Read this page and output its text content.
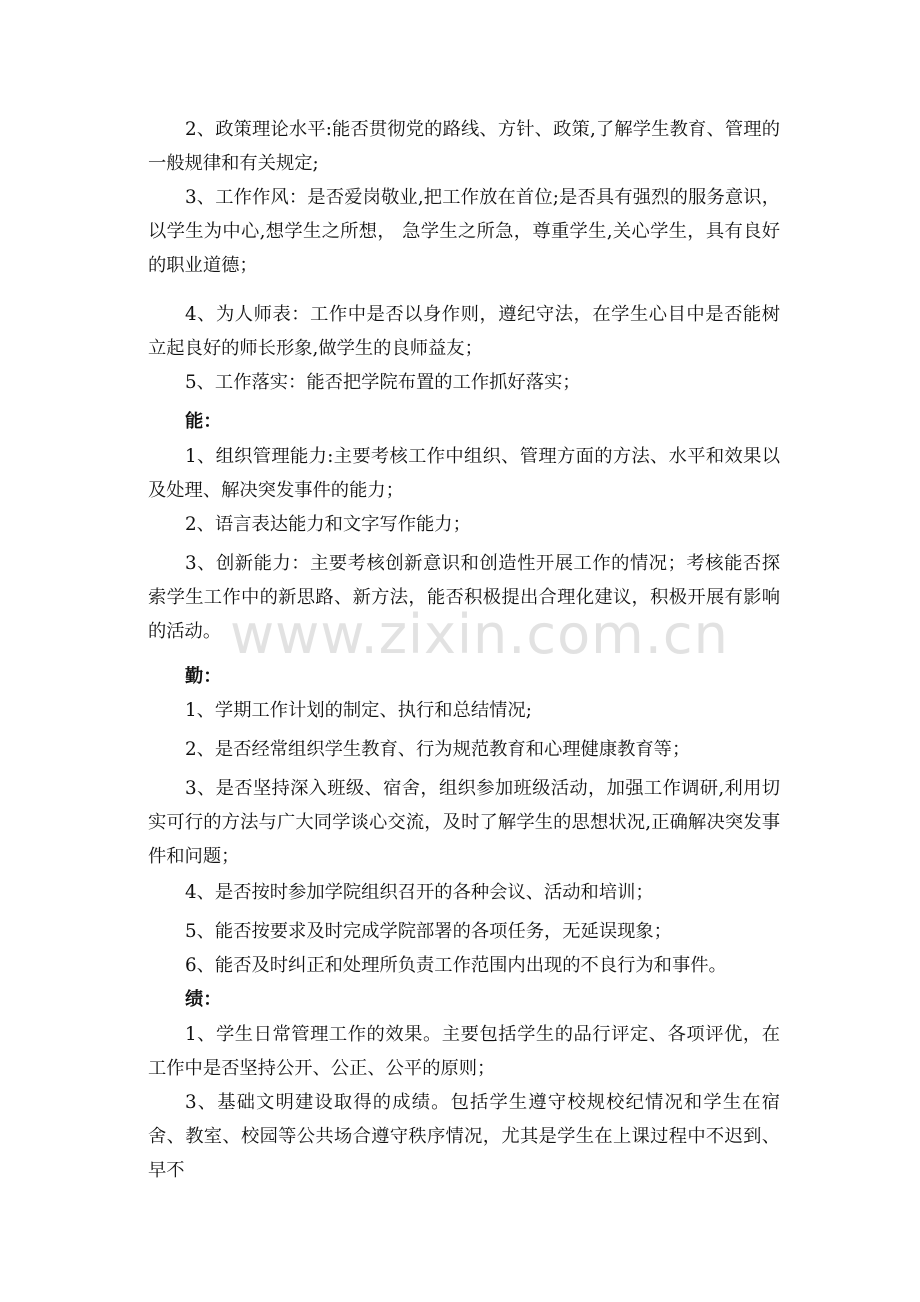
2、政策理论水平:能否贯彻党的路线、方针、政策,了解学生教育、管理的一般规律和有关规定;

3、工作作风：是否爱岗敬业,把工作放在首位;是否具有强烈的服务意识，以学生为中心,想学生之所想， 急学生之所急，尊重学生,关心学生，具有良好的职业道德；

4、为人师表：工作中是否以身作则，遵纪守法，在学生心目中是否能树立起良好的师长形象,做学生的良师益友；

5、工作落实：能否把学院布置的工作抓好落实；

能：

1、组织管理能力:主要考核工作中组织、管理方面的方法、水平和效果以及处理、解决突发事件的能力；

2、语言表达能力和文字写作能力；

3、创新能力：主要考核创新意识和创造性开展工作的情况；考核能否探索学生工作中的新思路、新方法，能否积极提出合理化建议，积极开展有影响的活动。

勤：

1、学期工作计划的制定、执行和总结情况;

2、是否经常组织学生教育、行为规范教育和心理健康教育等；

3、是否坚持深入班级、宿舍，组织参加班级活动，加强工作调研,利用切实可行的方法与广大同学谈心交流，及时了解学生的思想状况,正确解决突发事件和问题；

4、是否按时参加学院组织召开的各种会议、活动和培训；

5、能否按要求及时完成学院部署的各项任务，无延误现象；

6、能否及时纠正和处理所负责工作范围内出现的不良行为和事件。

绩：

1、学生日常管理工作的效果。主要包括学生的品行评定、各项评优，在工作中是否坚持公开、公正、公平的原则；

3、基础文明建设取得的成绩。包括学生遵守校规校纪情况和学生在宿舍、教室、校园等公共场合遵守秩序情况，尤其是学生在上课过程中不迟到、早不

www.zixin.com.cn
